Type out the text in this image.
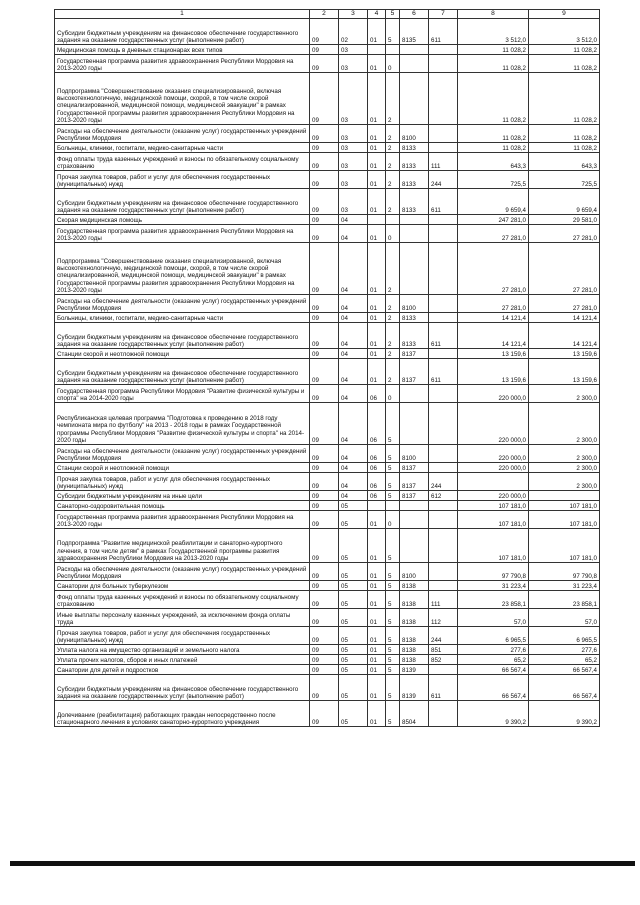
1	2	3	4	5	6	7	8	9
Субсидии бюджетным учреждениям на финансовое обеспечение государственного задания на оказание государственных услуг (выполнение работ)	09	02	01	5	8135	611	3 512,0	3 512,0
Медицинская помощь в дневных стационарах всех типов	09	03					11 028,2	11 028,2
Государственная программа развития здравоохранения Республики Мордовия на 2013-2020 годы	09	03	01	0			11 028,2	11 028,2
Подпрограмма "Совершенствование оказания специализированной, включая высокотехнологичную, медицинской помощи, скорой, в том числе скорой специализированной, медицинской помощи, медицинской эвакуации" в рамках Государственной программы развития здравоохранения Республики Мордовия на 2013-2020 годы	09	03	01	2			11 028,2	11 028,2
Расходы на обеспечение деятельности (оказание услуг) государственных учреждений Республики Мордовия	09	03	01	2	8100		11 028,2	11 028,2
Больницы, клиники, госпитали, медико-санитарные части	09	03	01	2	8133		11 028,2	11 028,2
Фонд оплаты труда казенных учреждений и взносы по обязательному социальному страхованию	09	03	01	2	8133	111	643,3	643,3
Прочая закупка товаров, работ и услуг для обеспечения государственных (муниципальных) нужд	09	03	01	2	8133	244	725,5	725,5
Субсидии бюджетным учреждениям на финансовое обеспечение государственного задания на оказание государственных услуг (выполнение работ)	09	03	01	2	8133	611	9 659,4	9 659,4
Скорая медицинская помощь	09	04					247 281,0	29 581,0
Государственная программа развития здравоохранения Республики Мордовия на 2013-2020 годы	09	04	01	0			27 281,0	27 281,0
Подпрограмма "Совершенствование оказания специализированной, включая высокотехнологичную, медицинской помощи, скорой, в том числе скорой специализированной, медицинской помощи, медицинской эвакуации" в рамках Государственной программы развития здравоохранения Республики Мордовия на 2013-2020 годы	09	04	01	2			27 281,0	27 281,0
Расходы на обеспечение деятельности (оказание услуг) государственных учреждений Республики Мордовия	09	04	01	2	8100		27 281,0	27 281,0
Больницы, клиники, госпитали, медико-санитарные части	09	04	01	2	8133		14 121,4	14 121,4
Субсидии бюджетным учреждениям на финансовое обеспечение государственного задания на оказание государственных услуг (выполнение работ)	09	04	01	2	8133	611	14 121,4	14 121,4
Станции скорой и неотложной помощи	09	04	01	2	8137		13 159,6	13 159,6
Субсидии бюджетным учреждениям на финансовое обеспечение государственного задания на оказание государственных услуг (выполнение работ)	09	04	01	2	8137	611	13 159,6	13 159,6
Государственная программа Республики Мордовия "Развитие физической культуры и спорта" на 2014-2020 годы	09	04	06	0			220 000,0	2 300,0
Республиканская целевая программа "Подготовка к проведению в 2018 году чемпионата мира по футболу" на 2013 - 2018 годы в рамках Государственной программы Республики Мордовия "Развитие физической культуры и спорта" на 2014-2020 годы	09	04	06	5			220 000,0	2 300,0
Расходы на обеспечение деятельности (оказание услуг) государственных учреждений Республики Мордовия	09	04	06	5	8100		220 000,0	2 300,0
Станции скорой и неотложной помощи	09	04	06	5	8137		220 000,0	2 300,0
Прочая закупка товаров, работ и услуг для обеспечения государственных (муниципальных) нужд	09	04	06	5	8137	244		2 300,0
Субсидии бюджетным учреждениям на иные цели	09	04	06	5	8137	612	220 000,0	
Санаторно-оздоровительная помощь	09	05					107 181,0	107 181,0
Государственная программа развития здравоохранения Республики Мордовия на 2013-2020 годы	09	05	01	0			107 181,0	107 181,0
Подпрограмма "Развитие медицинской реабилитации и санаторно-курортного лечения, в том числе детям" в рамках Государственной программы развития здравоохранения Республики Мордовия на 2013-2020 годы	09	05	01	5			107 181,0	107 181,0
Расходы на обеспечение деятельности (оказание услуг) государственных учреждений Республики Мордовия	09	05	01	5	8100		97 790,8	97 790,8
Санатории для больных туберкулезом	09	05	01	5	8138		31 223,4	31 223,4
Фонд оплаты труда казенных учреждений и взносы по обязательному социальному страхованию	09	05	01	5	8138	111	23 858,1	23 858,1
Иные выплаты персоналу казенных учреждений, за исключением фонда оплаты труда	09	05	01	5	8138	112	57,0	57,0
Прочая закупка товаров, работ и услуг для обеспечения государственных (муниципальных) нужд	09	05	01	5	8138	244	6 965,5	6 965,5
Уплата налога на имущество организаций и земельного налога	09	05	01	5	8138	851	277,6	277,6
Уплата прочих налогов, сборов и иных платежей	09	05	01	5	8138	852	65,2	65,2
Санатории для детей и подростков	09	05	01	5	8139		66 567,4	66 567,4
Субсидии бюджетным учреждениям на финансовое обеспечение государственного задания на оказание государственных услуг (выполнение работ)	09	05	01	5	8139	611	66 567,4	66 567,4
Долечивание (реабилитация) работающих граждан непосредственно после стационарного лечения в условиях санаторно-курортного учреждения	09	05	01	5	8504		9 390,2	9 390,2
